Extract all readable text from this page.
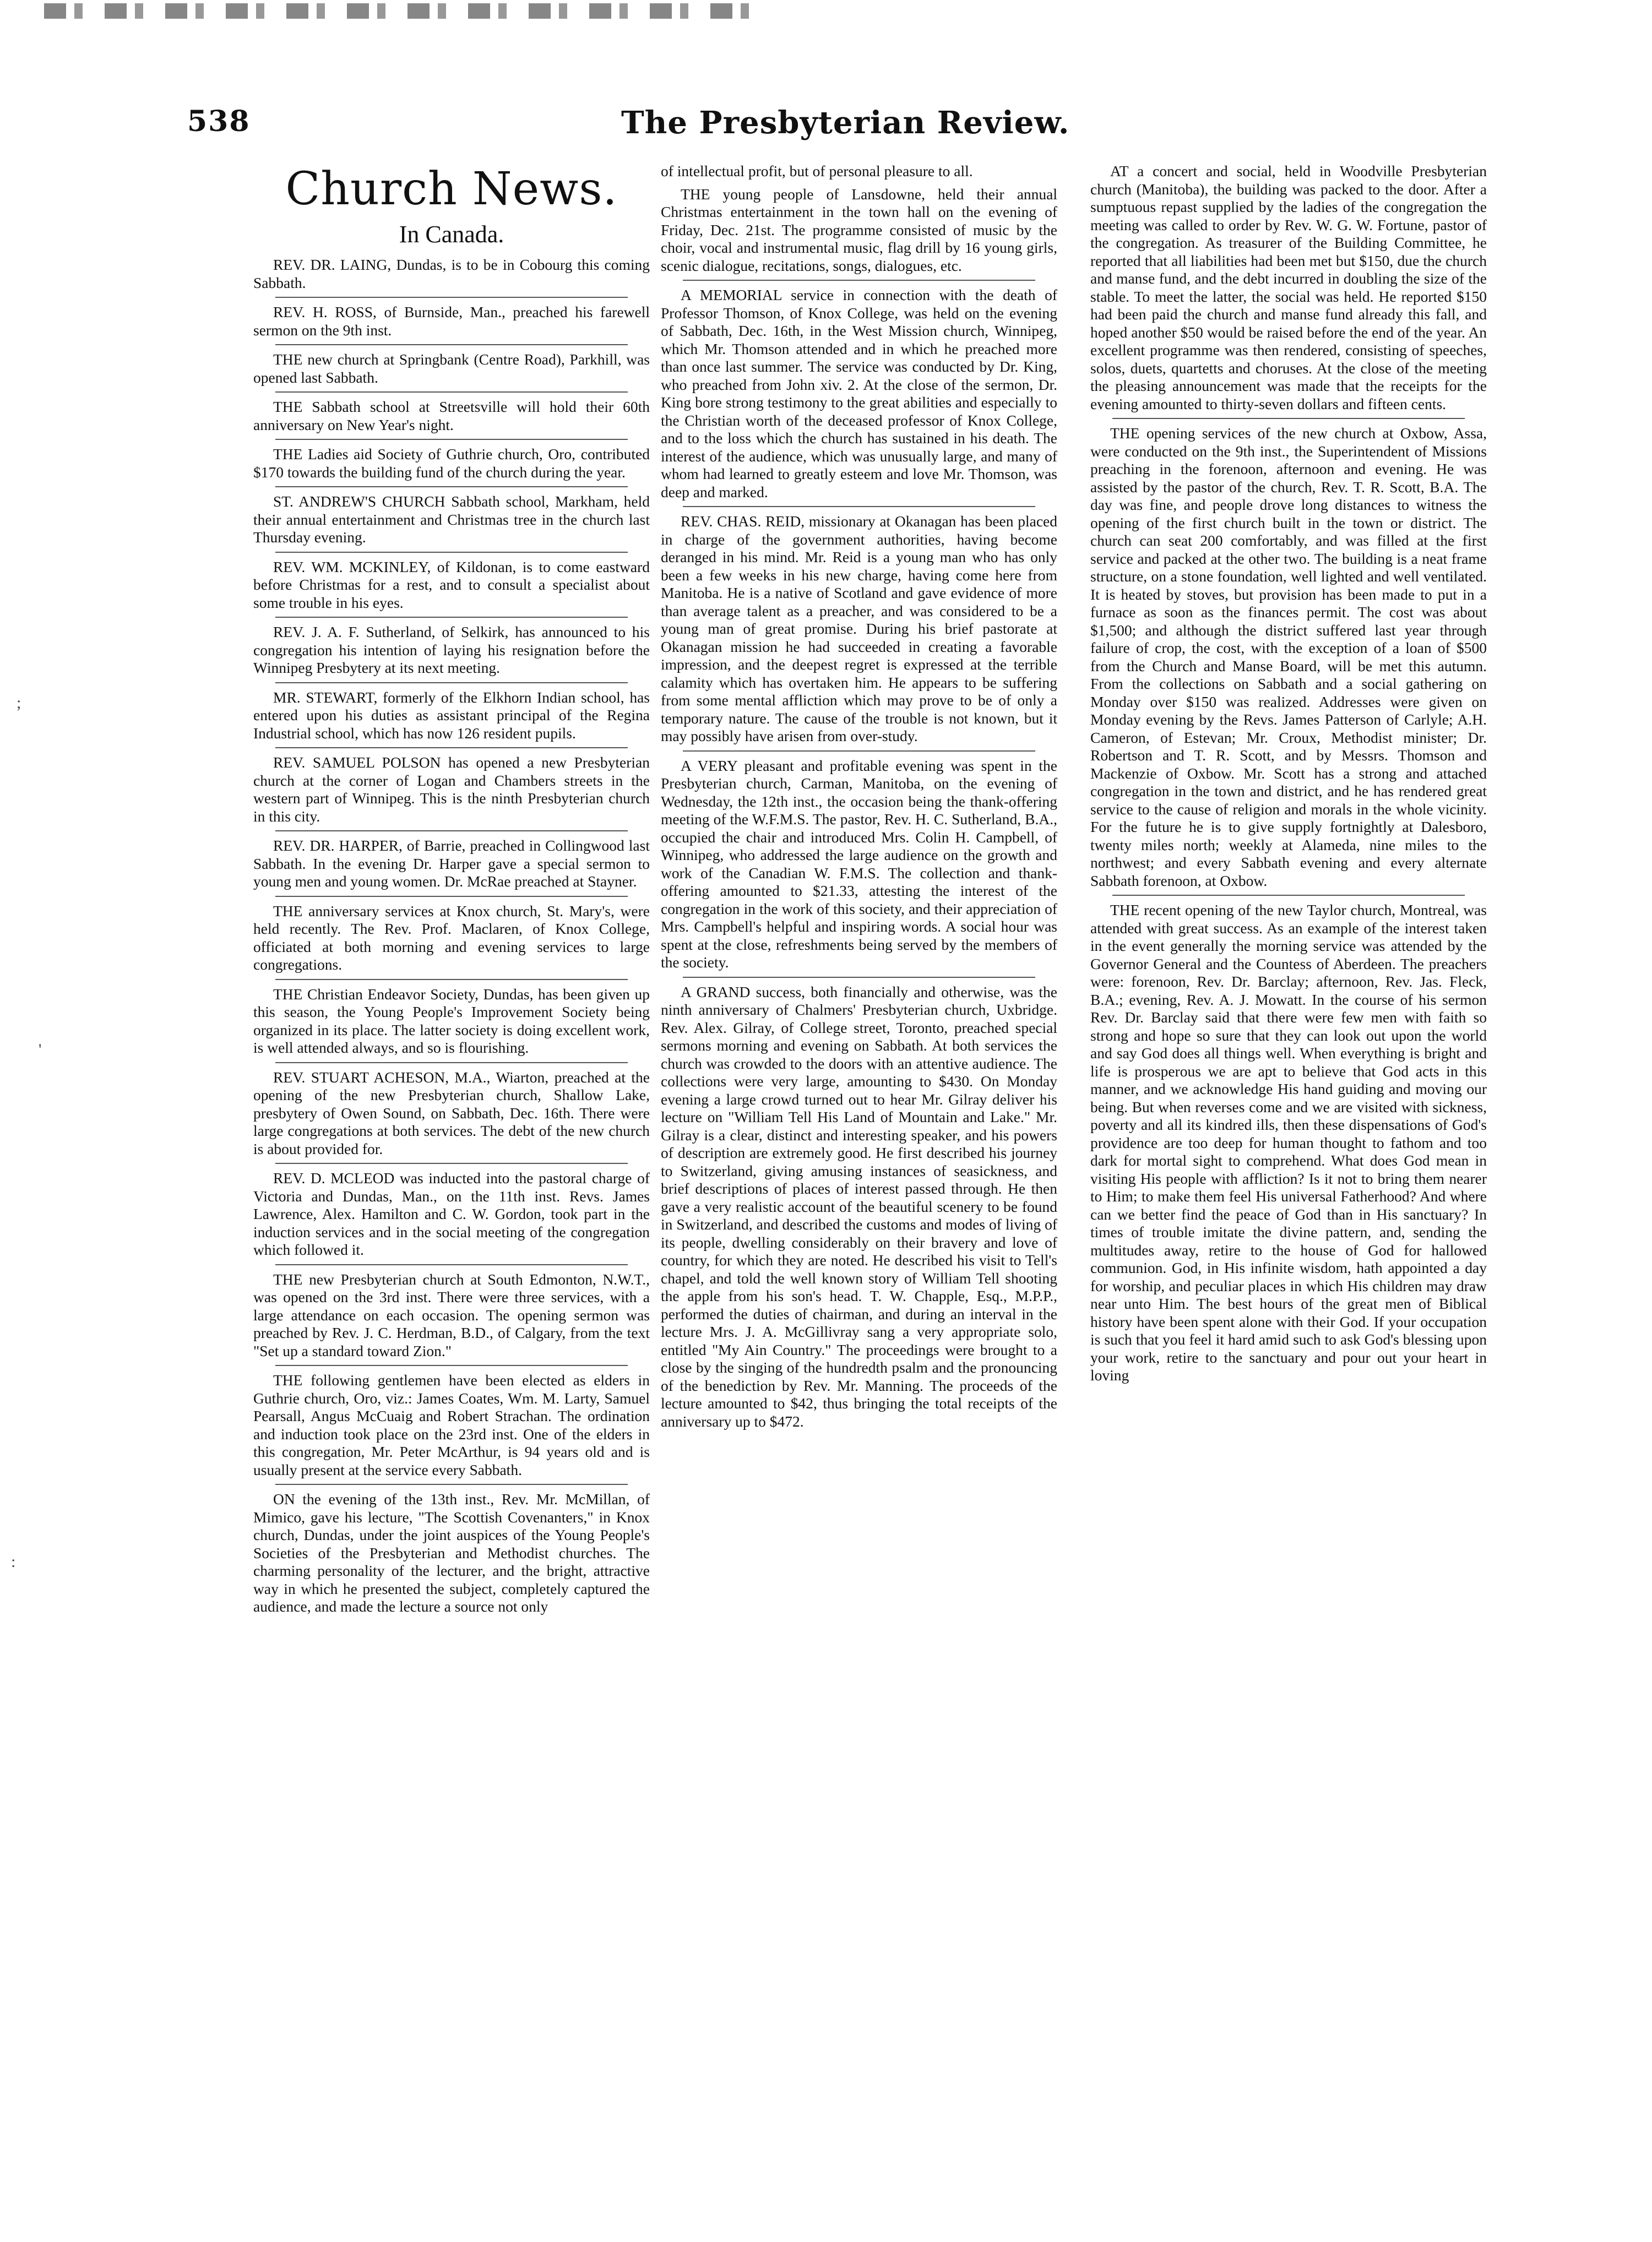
538	The Presbyterian Review.
Church News.
In Canada.

REV. DR. LAING, Dundas, is to be in Cobourg this coming Sabbath.

REV. H. ROSS, of Burnside, Man., preached his farewell sermon on the 9th inst.

THE new church at Springbank (Centre Road), Parkhill, was opened last Sabbath.

THE Sabbath school at Streetsville will hold their 60th anniversary on New Year's night.

THE Ladies aid Society of Guthrie church, Oro, contributed $170 towards the building fund of the church during the year.

ST. ANDREW'S CHURCH Sabbath school, Markham, held their annual entertainment and Christmas tree in the church last Thursday evening.

REV. WM. MCKINLEY, of Kildonan, is to come eastward before Christmas for a rest, and to consult a specialist about some trouble in his eyes.

REV. J. A. F. Sutherland, of Selkirk, has announced to his congregation his intention of laying his resignation before the Winnipeg Presbytery at its next meeting.

MR. STEWART, formerly of the Elkhorn Indian school, has entered upon his duties as assistant principal of the Regina Industrial school, which has now 126 resident pupils.

REV. SAMUEL POLSON has opened a new Presbyterian church at the corner of Logan and Chambers streets in the western part of Winnipeg. This is the ninth Presbyterian church in this city.

REV. DR. HARPER, of Barrie, preached in Collingwood last Sabbath. In the evening Dr. Harper gave a special sermon to young men and young women. Dr. McRae preached at Stayner.

THE anniversary services at Knox church, St. Mary's, were held recently. The Rev. Prof. Maclaren, of Knox College, officiated at both morning and evening services to large congregations.

THE Christian Endeavor Society, Dundas, has been given up this season, the Young People's Improvement Society being organized in its place. The latter society is doing excellent work, is well attended always, and so is flourishing.

REV. STUART ACHESON, M.A., Wiarton, preached at the opening of the new Presbyterian church, Shallow Lake, presbytery of Owen Sound, on Sabbath, Dec. 16th. There were large congregations at both services. The debt of the new church is about provided for.

REV. D. MCLEOD was inducted into the pastoral charge of Victoria and Dundas, Man., on the 11th inst. Revs. James Lawrence, Alex. Hamilton and C. W. Gordon, took part in the induction services and in the social meeting of the congregation which followed it.

THE new Presbyterian church at South Edmonton, N.W.T., was opened on the 3rd inst. There were three services, with a large attendance on each occasion. The opening sermon was preached by Rev. J. C. Herdman, B.D., of Calgary, from the text "Set up a standard toward Zion."

THE following gentlemen have been elected as elders in Guthrie church, Oro, viz.: James Coates, Wm. M. Larty, Samuel Pearsall, Angus McCuaig and Robert Strachan. The ordination and induction took place on the 23rd inst. One of the elders in this congregation, Mr. Peter McArthur, is 94 years old and is usually present at the service every Sabbath.

ON the evening of the 13th inst., Rev. Mr. McMillan, of Mimico, gave his lecture, "The Scottish Covenanters," in Knox church, Dundas, under the joint auspices of the Young People's Societies of the Presbyterian and Methodist churches. The charming personality of the lecturer, and the bright, attractive way in which he presented the subject, completely captured the audience, and made the lecture a source not only

of intellectual profit, but of personal pleasure to all.

THE young people of Lansdowne, held their annual Christmas entertainment in the town hall on the evening of Friday, Dec. 21st. The programme consisted of music by the choir, vocal and instrumental music, flag drill by 16 young girls, scenic dialogue, recitations, songs, dialogues, etc.

A MEMORIAL service in connection with the death of Professor Thomson, of Knox College, was held on the evening of Sabbath, Dec. 16th, in the West Mission church, Winnipeg, which Mr. Thomson attended and in which he preached more than once last summer. The service was conducted by Dr. King, who preached from John xiv. 2. At the close of the sermon, Dr. King bore strong testimony to the great abilities and especially to the Christian worth of the deceased professor of Knox College, and to the loss which the church has sustained in his death. The interest of the audience, which was unusually large, and many of whom had learned to greatly esteem and love Mr. Thomson, was deep and marked.

REV. CHAS. REID, missionary at Okanagan has been placed in charge of the government authorities, having become deranged in his mind. Mr. Reid is a young man who has only been a few weeks in his new charge, having come here from Manitoba. He is a native of Scotland and gave evidence of more than average talent as a preacher, and was considered to be a young man of great promise. During his brief pastorate at Okanagan mission he had succeeded in creating a favorable impression, and the deepest regret is expressed at the terrible calamity which has overtaken him. He appears to be suffering from some mental affliction which may prove to be of only a temporary nature. The cause of the trouble is not known, but it may possibly have arisen from over-study.

A VERY pleasant and profitable evening was spent in the Presbyterian church, Carman, Manitoba, on the evening of Wednesday, the 12th inst., the occasion being the thank-offering meeting of the W.F.M.S. The pastor, Rev. H. C. Sutherland, B.A., occupied the chair and introduced Mrs. Colin H. Campbell, of Winnipeg, who addressed the large audience on the growth and work of the Canadian W. F.M.S. The collection and thank-offering amounted to $21.33, attesting the interest of the congregation in the work of this society, and their appreciation of Mrs. Campbell's helpful and inspiring words. A social hour was spent at the close, refreshments being served by the members of the society.

A GRAND success, both financially and otherwise, was the ninth anniversary of Chalmers' Presbyterian church, Uxbridge. Rev. Alex. Gilray, of College street, Toronto, preached special sermons morning and evening on Sabbath. At both services the church was crowded to the doors with an attentive audience. The collections were very large, amounting to $430. On Monday evening a large crowd turned out to hear Mr. Gilray deliver his lecture on "William Tell His Land of Mountain and Lake." Mr. Gilray is a clear, distinct and interesting speaker, and his powers of description are extremely good. He first described his journey to Switzerland, giving amusing instances of seasickness, and brief descriptions of places of interest passed through. He then gave a very realistic account of the beautiful scenery to be found in Switzerland, and described the customs and modes of living of its people, dwelling considerably on their bravery and love of country, for which they are noted. He described his visit to Tell's chapel, and told the well known story of William Tell shooting the apple from his son's head. T. W. Chapple, Esq., M.P.P., performed the duties of chairman, and during an interval in the lecture Mrs. J. A. McGillivray sang a very appropriate solo, entitled "My Ain Country." The proceedings were brought to a close by the singing of the hundredth psalm and the pronouncing of the benediction by Rev. Mr. Manning. The proceeds of the lecture amounted to $42, thus bringing the total receipts of the anniversary up to $472.

AT a concert and social, held in Woodville Presbyterian church (Manitoba), the building was packed to the door. After a sumptuous repast supplied by the ladies of the congregation the meeting was called to order by Rev. W. G. W. Fortune, pastor of the congregation. As treasurer of the Building Committee, he reported that all liabilities had been met but $150, due the church and manse fund, and the debt incurred in doubling the size of the stable. To meet the latter, the social was held. He reported $150 had been paid the church and manse fund already this fall, and hoped another $50 would be raised before the end of the year. An excellent programme was then rendered, consisting of speeches, solos, duets, quartetts and choruses. At the close of the meeting the pleasing announcement was made that the receipts for the evening amounted to thirty-seven dollars and fifteen cents.

THE opening services of the new church at Oxbow, Assa, were conducted on the 9th inst., the Superintendent of Missions preaching in the forenoon, afternoon and evening. He was assisted by the pastor of the church, Rev. T. R. Scott, B.A. The day was fine, and people drove long distances to witness the opening of the first church built in the town or district. The church can seat 200 comfortably, and was filled at the first service and packed at the other two. The building is a neat frame structure, on a stone foundation, well lighted and well ventilated. It is heated by stoves, but provision has been made to put in a furnace as soon as the finances permit. The cost was about $1,500; and although the district suffered last year through failure of crop, the cost, with the exception of a loan of $500 from the Church and Manse Board, will be met this autumn. From the collections on Sabbath and a social gathering on Monday over $150 was realized. Addresses were given on Monday evening by the Revs. James Patterson of Carlyle; A.H. Cameron, of Estevan; Mr. Croux, Methodist minister; Dr. Robertson and T. R. Scott, and by Messrs. Thomson and Mackenzie of Oxbow. Mr. Scott has a strong and attached congregation in the town and district, and he has rendered great service to the cause of religion and morals in the whole vicinity. For the future he is to give supply fortnightly at Dalesboro, twenty miles north; weekly at Alameda, nine miles to the northwest; and every Sabbath evening and every alternate Sabbath forenoon, at Oxbow.

THE recent opening of the new Taylor church, Montreal, was attended with great success. As an example of the interest taken in the event generally the morning service was attended by the Governor General and the Countess of Aberdeen. The preachers were: forenoon, Rev. Dr. Barclay; afternoon, Rev. Jas. Fleck, B.A.; evening, Rev. A. J. Mowatt. In the course of his sermon Rev. Dr. Barclay said that there were few men with faith so strong and hope so sure that they can look out upon the world and say God does all things well. When everything is bright and life is prosperous we are apt to believe that God acts in this manner, and we acknowledge His hand guiding and moving our being. But when reverses come and we are visited with sickness, poverty and all its kindred ills, then these dispensations of God's providence are too deep for human thought to fathom and too dark for mortal sight to comprehend. What does God mean in visiting His people with affliction? Is it not to bring them nearer to Him; to make them feel His universal Fatherhood? And where can we better find the peace of God than in His sanctuary? In times of trouble imitate the divine pattern, and, sending the multitudes away, retire to the house of God for hallowed communion. God, in His infinite wisdom, hath appointed a day for worship, and peculiar places in which His children may draw near unto Him. The best hours of the great men of Biblical history have been spent alone with their God. If your occupation is such that you feel it hard amid such to ask God's blessing upon your work, retire to the sanctuary and pour out your heart in loving

;
'
:
